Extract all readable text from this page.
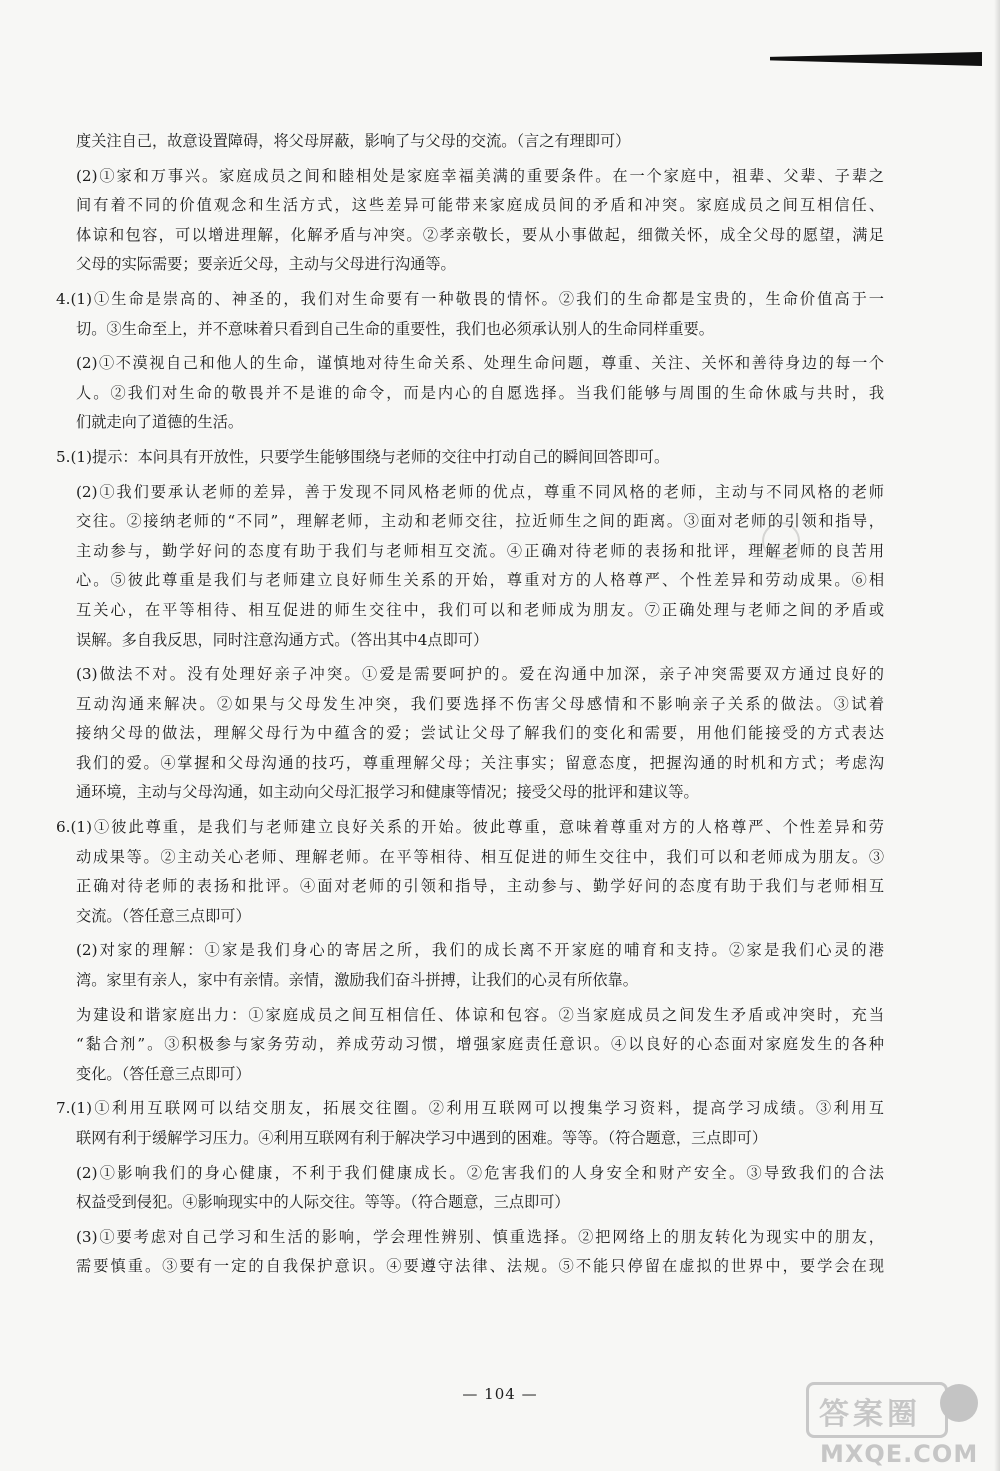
度关注自己，故意设置障碍，将父母屏蔽，影响了与父母的交流。（言之有理即可）
(2)①家和万事兴。家庭成员之间和睦相处是家庭幸福美满的重要条件。在一个家庭中，祖辈、父辈、子辈之
间有着不同的价值观念和生活方式，这些差异可能带来家庭成员间的矛盾和冲突。家庭成员之间互相信任、
体谅和包容，可以增进理解，化解矛盾与冲突。②孝亲敬长，要从小事做起，细微关怀，成全父母的愿望，满足
父母的实际需要；要亲近父母，主动与父母进行沟通等。
4.(1)①生命是崇高的、神圣的，我们对生命要有一种敬畏的情怀。②我们的生命都是宝贵的，生命价值高于一
切。③生命至上，并不意味着只看到自己生命的重要性，我们也必须承认别人的生命同样重要。
(2)①不漠视自己和他人的生命，谨慎地对待生命关系、处理生命问题，尊重、关注、关怀和善待身边的每一个
人。②我们对生命的敬畏并不是谁的命令，而是内心的自愿选择。当我们能够与周围的生命休戚与共时，我
们就走向了道德的生活。
5.(1)提示：本问具有开放性，只要学生能够围绕与老师的交往中打动自己的瞬间回答即可。
(2)①我们要承认老师的差异，善于发现不同风格老师的优点，尊重不同风格的老师，主动与不同风格的老师
交往。②接纳老师的“不同”，理解老师，主动和老师交往，拉近师生之间的距离。③面对老师的引领和指导，
主动参与，勤学好问的态度有助于我们与老师相互交流。④正确对待老师的表扬和批评，理解老师的良苦用
心。⑤彼此尊重是我们与老师建立良好师生关系的开始，尊重对方的人格尊严、个性差异和劳动成果。⑥相
互关心，在平等相待、相互促进的师生交往中，我们可以和老师成为朋友。⑦正确处理与老师之间的矛盾或
误解。多自我反思，同时注意沟通方式。（答出其中4点即可）
(3)做法不对。没有处理好亲子冲突。①爱是需要呵护的。爱在沟通中加深，亲子冲突需要双方通过良好的
互动沟通来解决。②如果与父母发生冲突，我们要选择不伤害父母感情和不影响亲子关系的做法。③试着
接纳父母的做法，理解父母行为中蕴含的爱；尝试让父母了解我们的变化和需要，用他们能接受的方式表达
我们的爱。④掌握和父母沟通的技巧，尊重理解父母；关注事实；留意态度，把握沟通的时机和方式；考虑沟
通环境，主动与父母沟通，如主动向父母汇报学习和健康等情况；接受父母的批评和建议等。
6.(1)①彼此尊重，是我们与老师建立良好关系的开始。彼此尊重，意味着尊重对方的人格尊严、个性差异和劳
动成果等。②主动关心老师、理解老师。在平等相待、相互促进的师生交往中，我们可以和老师成为朋友。③
正确对待老师的表扬和批评。④面对老师的引领和指导，主动参与、勤学好问的态度有助于我们与老师相互
交流。（答任意三点即可）
(2)对家的理解：①家是我们身心的寄居之所，我们的成长离不开家庭的哺育和支持。②家是我们心灵的港
湾。家里有亲人，家中有亲情。亲情，激励我们奋斗拼搏，让我们的心灵有所依靠。
为建设和谐家庭出力：①家庭成员之间互相信任、体谅和包容。②当家庭成员之间发生矛盾或冲突时，充当
“黏合剂”。③积极参与家务劳动，养成劳动习惯，增强家庭责任意识。④以良好的心态面对家庭发生的各种
变化。（答任意三点即可）
7.(1)①利用互联网可以结交朋友，拓展交往圈。②利用互联网可以搜集学习资料，提高学习成绩。③利用互
联网有利于缓解学习压力。④利用互联网有利于解决学习中遇到的困难。等等。（符合题意，三点即可）
(2)①影响我们的身心健康，不利于我们健康成长。②危害我们的人身安全和财产安全。③导致我们的合法
权益受到侵犯。④影响现实中的人际交往。等等。（符合题意，三点即可）
(3)①要考虑对自己学习和生活的影响，学会理性辨别、慎重选择。②把网络上的朋友转化为现实中的朋友，
需要慎重。③要有一定的自我保护意识。④要遵守法律、法规。⑤不能只停留在虚拟的世界中，要学会在现
— 104 —
答案圈
MXQE.COM
